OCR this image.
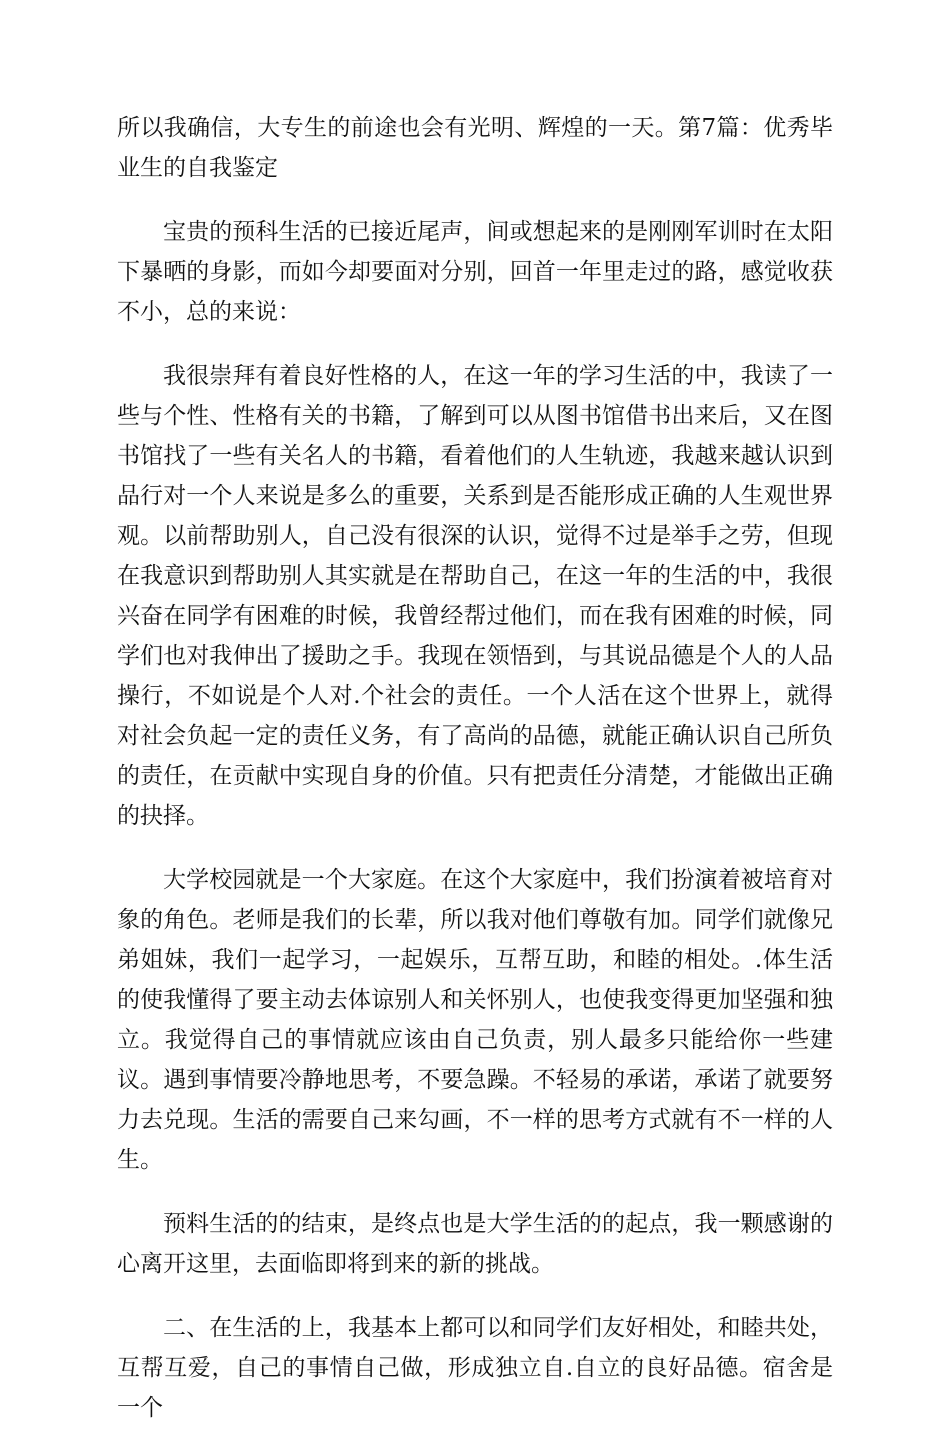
所以我确信，大专生的前途也会有光明、辉煌的一天。第7篇：优秀毕业生的自我鉴定

宝贵的预科生活的已接近尾声，间或想起来的是刚刚军训时在太阳下暴晒的身影，而如今却要面对分别，回首一年里走过的路，感觉收获不小，总的来说：

我很崇拜有着良好性格的人，在这一年的学习生活的中，我读了一些与个性、性格有关的书籍，了解到可以从图书馆借书出来后，又在图书馆找了一些有关名人的书籍，看着他们的人生轨迹，我越来越认识到品行对一个人来说是多么的重要，关系到是否能形成正确的人生观世界观。以前帮助别人，自己没有很深的认识，觉得不过是举手之劳，但现在我意识到帮助别人其实就是在帮助自己，在这一年的生活的中，我很兴奋在同学有困难的时候，我曾经帮过他们，而在我有困难的时候，同学们也对我伸出了援助之手。我现在领悟到，与其说品德是个人的人品操行，不如说是个人对.个社会的责任。一个人活在这个世界上，就得对社会负起一定的责任义务，有了高尚的品德，就能正确认识自己所负的责任，在贡献中实现自身的价值。只有把责任分清楚，才能做出正确的抉择。

大学校园就是一个大家庭。在这个大家庭中，我们扮演着被培育对象的角色。老师是我们的长辈，所以我对他们尊敬有加。同学们就像兄弟姐妹，我们一起学习，一起娱乐，互帮互助，和睦的相处。.体生活的使我懂得了要主动去体谅别人和关怀别人，也使我变得更加坚强和独立。我觉得自己的事情就应该由自己负责，别人最多只能给你一些建议。遇到事情要冷静地思考，不要急躁。不轻易的承诺，承诺了就要努力去兑现。生活的需要自己来勾画，不一样的思考方式就有不一样的人生。

预料生活的的结束，是终点也是大学生活的的起点，我一颗感谢的心离开这里，去面临即将到来的新的挑战。

二、在生活的上，我基本上都可以和同学们友好相处，和睦共处，互帮互爱，自己的事情自己做，形成独立自.自立的良好品德。宿舍是一个
